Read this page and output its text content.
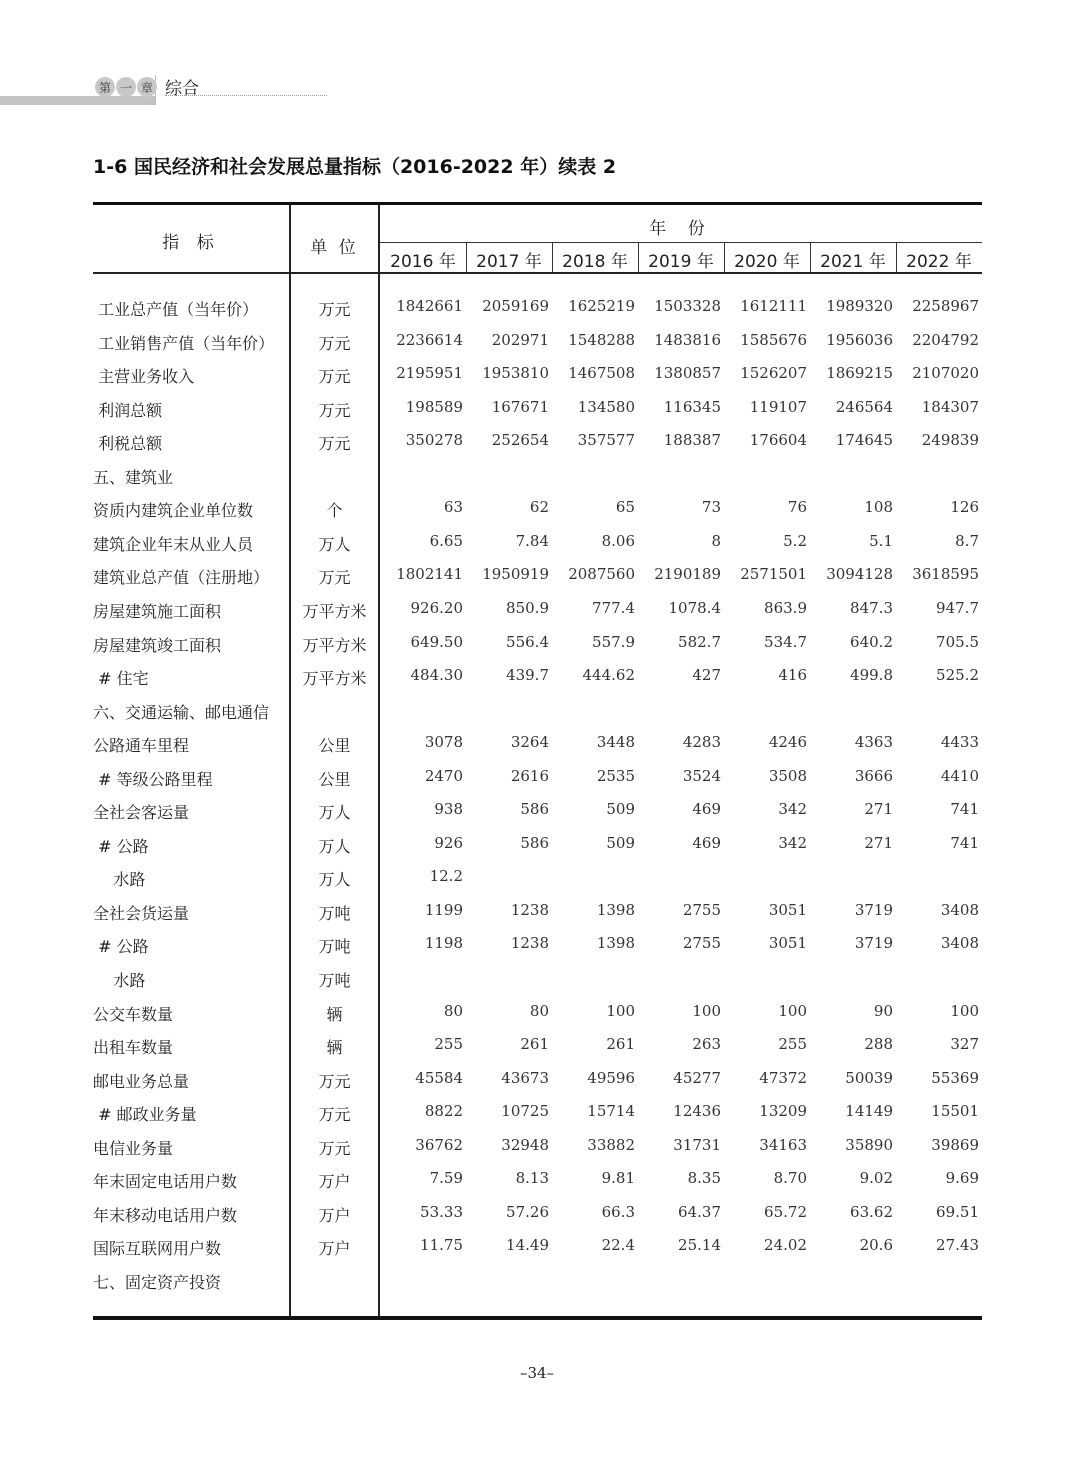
第 一 章 综合
1-6 国民经济和社会发展总量指标（2016-2022 年）续表 2
指 标	单 位
年 份
2016 年	2017 年	2018 年	2019 年	2020 年	2021 年	2022 年
工业总产值（当年价）	万元	1842661	2059169	1625219	1503328	1612111	1989320	2258967
工业销售产值（当年价）	万元	2236614	202971	1548288	1483816	1585676	1956036	2204792
主营业务收入	万元	2195951	1953810	1467508	1380857	1526207	1869215	2107020
利润总额	万元	198589	167671	134580	116345	119107	246564	184307
利税总额	万元	350278	252654	357577	188387	176604	174645	249839
五、建筑业
资质内建筑企业单位数	个	63	62	65	73	76	108	126
建筑企业年末从业人员	万人	6.65	7.84	8.06	8	5.2	5.1	8.7
建筑业总产值（注册地）	万元	1802141	1950919	2087560	2190189	2571501	3094128	3618595
房屋建筑施工面积	万平方米	926.20	850.9	777.4	1078.4	863.9	847.3	947.7
房屋建筑竣工面积	万平方米	649.50	556.4	557.9	582.7	534.7	640.2	705.5
# 住宅	万平方米	484.30	439.7	444.62	427	416	499.8	525.2
六、交通运输、邮电通信
公路通车里程	公里	3078	3264	3448	4283	4246	4363	4433
# 等级公路里程	公里	2470	2616	2535	3524	3508	3666	4410
全社会客运量	万人	938	586	509	469	342	271	741
# 公路	万人	926	586	509	469	342	271	741
水路	万人	12.2
全社会货运量	万吨	1199	1238	1398	2755	3051	3719	3408
# 公路	万吨	1198	1238	1398	2755	3051	3719	3408
水路	万吨
公交车数量	辆	80	80	100	100	100	90	100
出租车数量	辆	255	261	261	263	255	288	327
邮电业务总量	万元	45584	43673	49596	45277	47372	50039	55369
# 邮政业务量	万元	8822	10725	15714	12436	13209	14149	15501
电信业务量	万元	36762	32948	33882	31731	34163	35890	39869
年末固定电话用户数	万户	7.59	8.13	9.81	8.35	8.70	9.02	9.69
年末移动电话用户数	万户	53.33	57.26	66.3	64.37	65.72	63.62	69.51
国际互联网用户数	万户	11.75	14.49	22.4	25.14	24.02	20.6	27.43
七、固定资产投资
–34–
